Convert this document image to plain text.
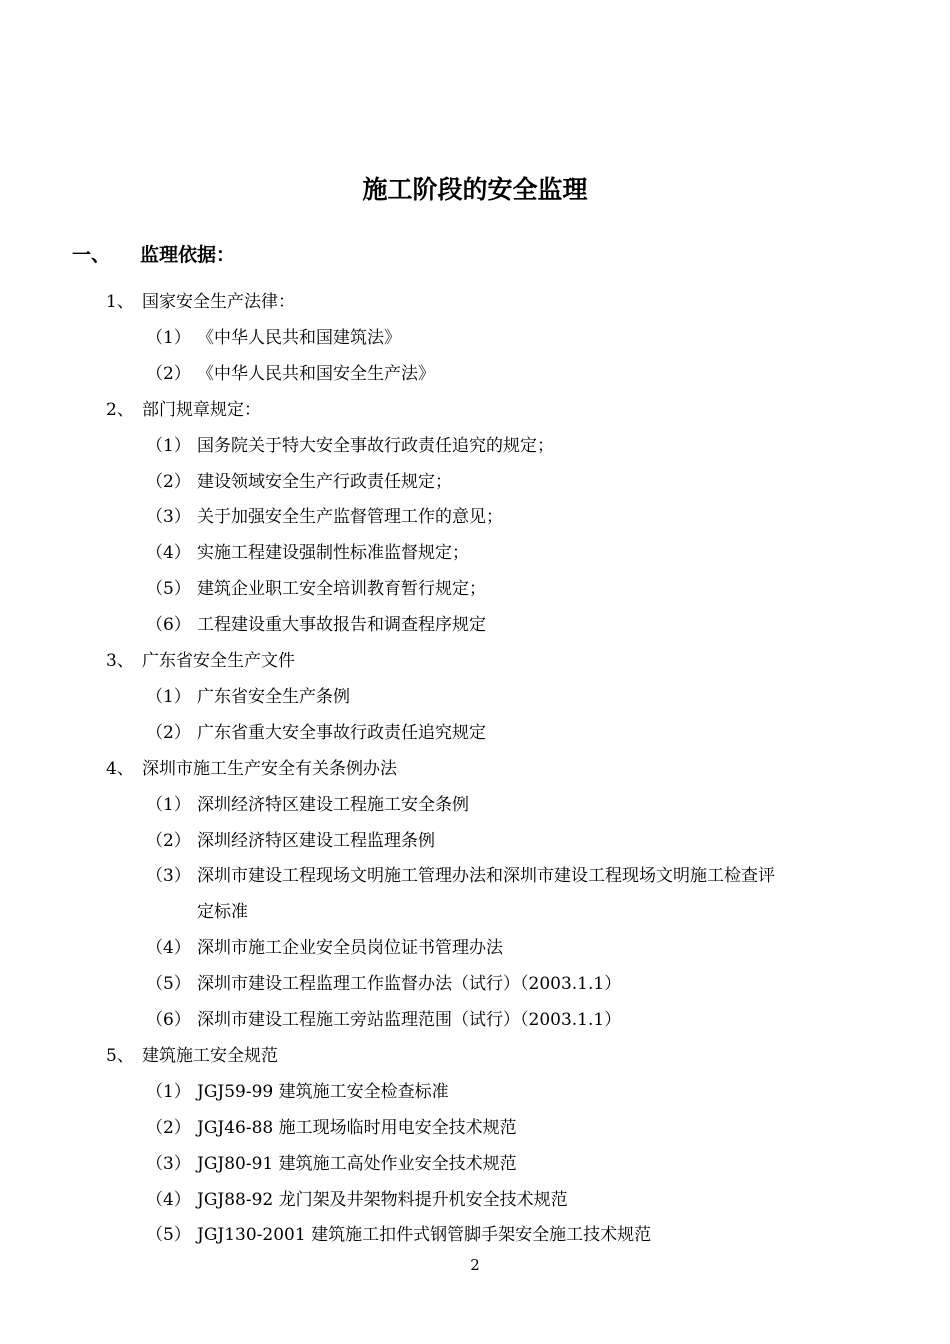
施工阶段的安全监理
一、 监理依据：
1、 国家安全生产法律：
（1） 《中华人民共和国建筑法》
（2） 《中华人民共和国安全生产法》
2、 部门规章规定：
（1） 国务院关于特大安全事故行政责任追究的规定；
（2） 建设领域安全生产行政责任规定；
（3） 关于加强安全生产监督管理工作的意见；
（4） 实施工程建设强制性标准监督规定；
（5） 建筑企业职工安全培训教育暂行规定；
（6） 工程建设重大事故报告和调查程序规定
3、 广东省安全生产文件
（1） 广东省安全生产条例
（2） 广东省重大安全事故行政责任追究规定
4、 深圳市施工生产安全有关条例办法
（1） 深圳经济特区建设工程施工安全条例
（2） 深圳经济特区建设工程监理条例
（3） 深圳市建设工程现场文明施工管理办法和深圳市建设工程现场文明施工检查评
定标准
（4） 深圳市施工企业安全员岗位证书管理办法
（5） 深圳市建设工程监理工作监督办法（试行）（2003.1.1）
（6） 深圳市建设工程施工旁站监理范围（试行）（2003.1.1）
5、 建筑施工安全规范
（1） JGJ59-99 建筑施工安全检查标准
（2） JGJ46-88 施工现场临时用电安全技术规范
（3） JGJ80-91 建筑施工高处作业安全技术规范
（4） JGJ88-92 龙门架及井架物料提升机安全技术规范
（5） JGJ130-2001 建筑施工扣件式钢管脚手架安全施工技术规范
2
